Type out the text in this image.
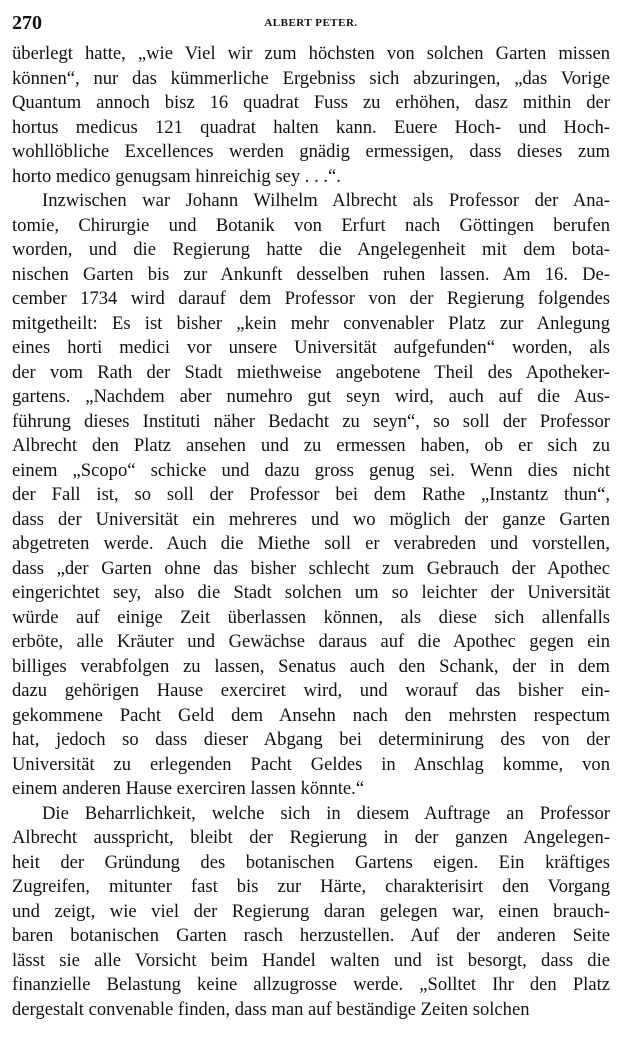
270	ALBERT PETER.
überlegt hatte, „wie Viel wir zum höchsten von solchen Garten missen
können“, nur das kümmerliche Ergebniss sich abzuringen, „das Vorige
Quantum annoch bisz 16 quadrat Fuss zu erhöhen, dasz mithin der
hortus medicus 121 quadrat halten kann. Euere Hoch- und Hoch-
wohllöbliche Excellences werden gnädig ermessigen, dass dieses zum
horto medico genugsam hinreichig sey . . .“.
Inzwischen war Johann Wilhelm Albrecht als Professor der Ana-
tomie, Chirurgie und Botanik von Erfurt nach Göttingen berufen
worden, und die Regierung hatte die Angelegenheit mit dem bota-
nischen Garten bis zur Ankunft desselben ruhen lassen. Am 16. De-
cember 1734 wird darauf dem Professor von der Regierung folgendes
mitgetheilt: Es ist bisher „kein mehr convenabler Platz zur Anlegung
eines horti medici vor unsere Universität aufgefunden“ worden, als
der vom Rath der Stadt miethweise angebotene Theil des Apotheker-
gartens. „Nachdem aber numehro gut seyn wird, auch auf die Aus-
führung dieses Instituti näher Bedacht zu seyn“, so soll der Professor
Albrecht den Platz ansehen und zu ermessen haben, ob er sich zu
einem „Scopo“ schicke und dazu gross genug sei. Wenn dies nicht
der Fall ist, so soll der Professor bei dem Rathe „Instantz thun“,
dass der Universität ein mehreres und wo möglich der ganze Garten
abgetreten werde. Auch die Miethe soll er verabreden und vorstellen,
dass „der Garten ohne das bisher schlecht zum Gebrauch der Apothec
eingerichtet sey, also die Stadt solchen um so leichter der Universität
würde auf einige Zeit überlassen können, als diese sich allenfalls
erböte, alle Kräuter und Gewächse daraus auf die Apothec gegen ein
billiges verabfolgen zu lassen, Senatus auch den Schank, der in dem
dazu gehörigen Hause exerciret wird, und worauf das bisher ein-
gekommene Pacht Geld dem Ansehn nach den mehrsten respectum
hat, jedoch so dass dieser Abgang bei determinirung des von der
Universität zu erlegenden Pacht Geldes in Anschlag komme, von
einem anderen Hause exerciren lassen könnte.“
Die Beharrlichkeit, welche sich in diesem Auftrage an Professor
Albrecht ausspricht, bleibt der Regierung in der ganzen Angelegen-
heit der Gründung des botanischen Gartens eigen. Ein kräftiges
Zugreifen, mitunter fast bis zur Härte, charakterisirt den Vorgang
und zeigt, wie viel der Regierung daran gelegen war, einen brauch-
baren botanischen Garten rasch herzustellen. Auf der anderen Seite
lässt sie alle Vorsicht beim Handel walten und ist besorgt, dass die
finanzielle Belastung keine allzugrosse werde. „Solltet Ihr den Platz
dergestalt convenable finden, dass man auf beständige Zeiten solchen
